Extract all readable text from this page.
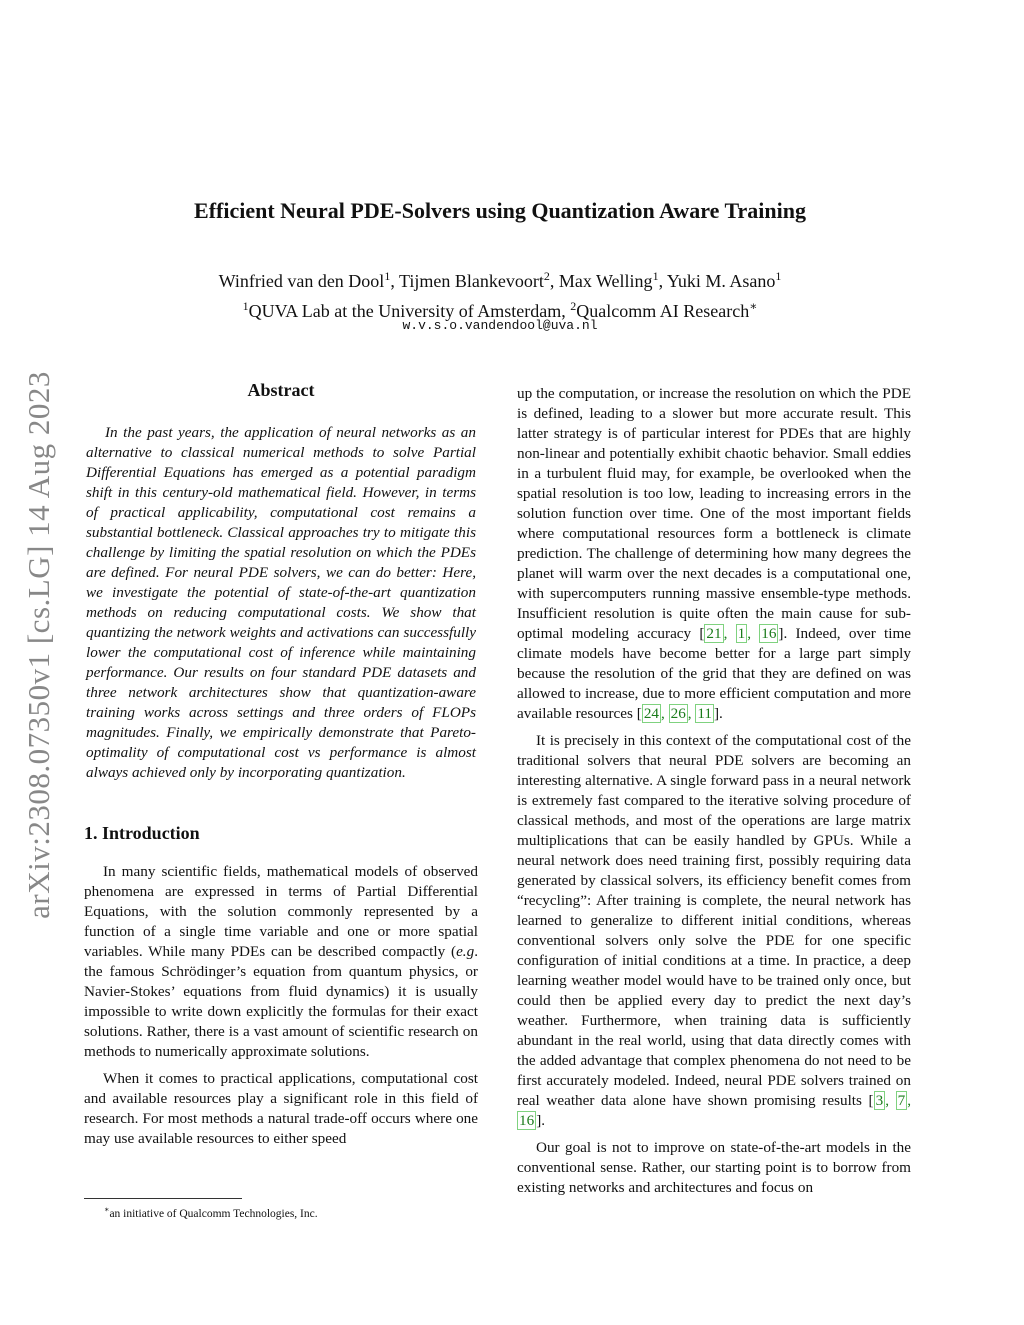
arXiv:2308.07350v1 [cs.LG] 14 Aug 2023
Efficient Neural PDE-Solvers using Quantization Aware Training
Winfried van den Dool$^1$, Tijmen Blankevoort$^2$, Max Welling$^1$, Yuki M. Asano$^1$
$^1$QUVA Lab at the University of Amsterdam, $^2$Qualcomm AI Research∗
w.v.s.o.vandendool@uva.nl
Abstract

In the past years, the application of neural networks as an alternative to classical numerical methods to solve Partial Differential Equations has emerged as a potential paradigm shift in this century-old mathematical field. However, in terms of practical applicability, computational cost remains a substantial bottleneck. Classical approaches try to mitigate this challenge by limiting the spatial resolution on which the PDEs are defined. For neural PDE solvers, we can do better: Here, we investigate the potential of state-of-the-art quantization methods on reducing computational costs. We show that quantizing the network weights and activations can successfully lower the computational cost of inference while maintaining performance. Our results on four standard PDE datasets and three network architectures show that quantization-aware training works across settings and three orders of FLOPs magnitudes. Finally, we empirically demonstrate that Pareto-optimality of computational cost vs performance is almost always achieved only by incorporating quantization.

1. Introduction

In many scientific fields, mathematical models of observed phenomena are expressed in terms of Partial Differential Equations, with the solution commonly represented by a function of a single time variable and one or more spatial variables. While many PDEs can be described compactly (e.g. the famous Schrödinger’s equation from quantum physics, or Navier-Stokes’ equations from fluid dynamics) it is usually impossible to write down explicitly the formulas for their exact solutions. Rather, there is a vast amount of scientific research on methods to numerically approximate solutions.

When it comes to practical applications, computational cost and available resources play a significant role in this field of research. For most methods a natural trade-off occurs where one may use available resources to either speed

up the computation, or increase the resolution on which the PDE is defined, leading to a slower but more accurate result. This latter strategy is of particular interest for PDEs that are highly non-linear and potentially exhibit chaotic behavior. Small eddies in a turbulent fluid may, for example, be overlooked when the spatial resolution is too low, leading to increasing errors in the solution function over time. One of the most important fields where computational resources form a bottleneck is climate prediction. The challenge of determining how many degrees the planet will warm over the next decades is a computational one, with supercomputers running massive ensemble-type methods. Insufficient resolution is quite often the main cause for sub-optimal modeling accuracy [ 21 , 1 , 16 ]. Indeed, over time climate models have become better for a large part simply because the resolution of the grid that they are defined on was allowed to increase, due to more efficient computation and more available resources [ 24 , 26 , 11 ].

It is precisely in this context of the computational cost of the traditional solvers that neural PDE solvers are becoming an interesting alternative. A single forward pass in a neural network is extremely fast compared to the iterative solving procedure of classical methods, and most of the operations are large matrix multiplications that can be easily handled by GPUs. While a neural network does need training first, possibly requiring data generated by classical solvers, its efficiency benefit comes from “recycling”: After training is complete, the neural network has learned to generalize to different initial conditions, whereas conventional solvers only solve the PDE for one specific configuration of initial conditions at a time. In practice, a deep learning weather model would have to be trained only once, but could then be applied every day to predict the next day’s weather. Furthermore, when training data is sufficiently abundant in the real world, using that data directly comes with the added advantage that complex phenomena do not need to be first accurately modeled. Indeed, neural PDE solvers trained on real weather data alone have shown promising results [ 3 , 7 , 16 ].

Our goal is not to improve on state-of-the-art models in the conventional sense. Rather, our starting point is to borrow from existing networks and architectures and focus on

∗an initiative of Qualcomm Technologies, Inc.
